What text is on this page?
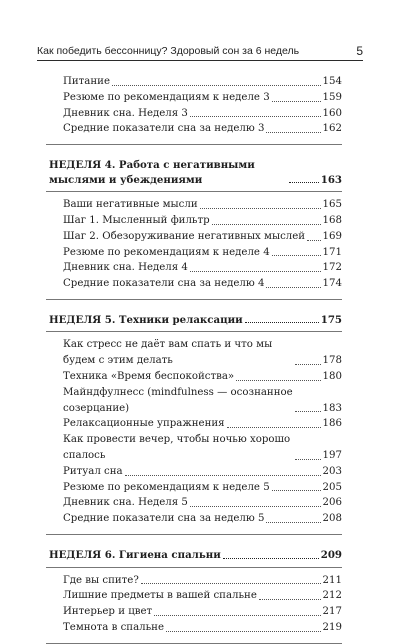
Как победить бессонницу? Здоровый сон за 6 недель	5
Питание	154
Резюме по рекомендациям к неделе 3	159
Дневник сна. Неделя 3	160
Средние показатели сна за неделю 3	162
НЕДЕЛЯ 4. Работа с негативными мыслями и убеждениями	163
Ваши негативные мысли	165
Шаг 1. Мысленный фильтр	168
Шаг 2. Обезоруживание негативных мыслей 169
Резюме по рекомендациям к неделе 4	171
Дневник сна. Неделя 4	172
Средние показатели сна за неделю 4	174
НЕДЕЛЯ 5. Техники релаксации	175
Как стресс не даёт вам спать и что мы будем с этим делать	178
Техника «Время беспокойства»	180
Майндфулнесс (mindfulness — осознанное созерцание)	183
Релаксационные упражнения	186
Как провести вечер, чтобы ночью хорошо спалось	197
Ритуал сна	203
Резюме по рекомендациям к неделе 5	205
Дневник сна. Неделя 5	206
Средние показатели сна за неделю 5	208
НЕДЕЛЯ 6. Гигиена спальни	209
Где вы спите?	211
Лишние предметы в вашей спальне	212
Интерьер и цвет	217
Темнота в спальне	219
